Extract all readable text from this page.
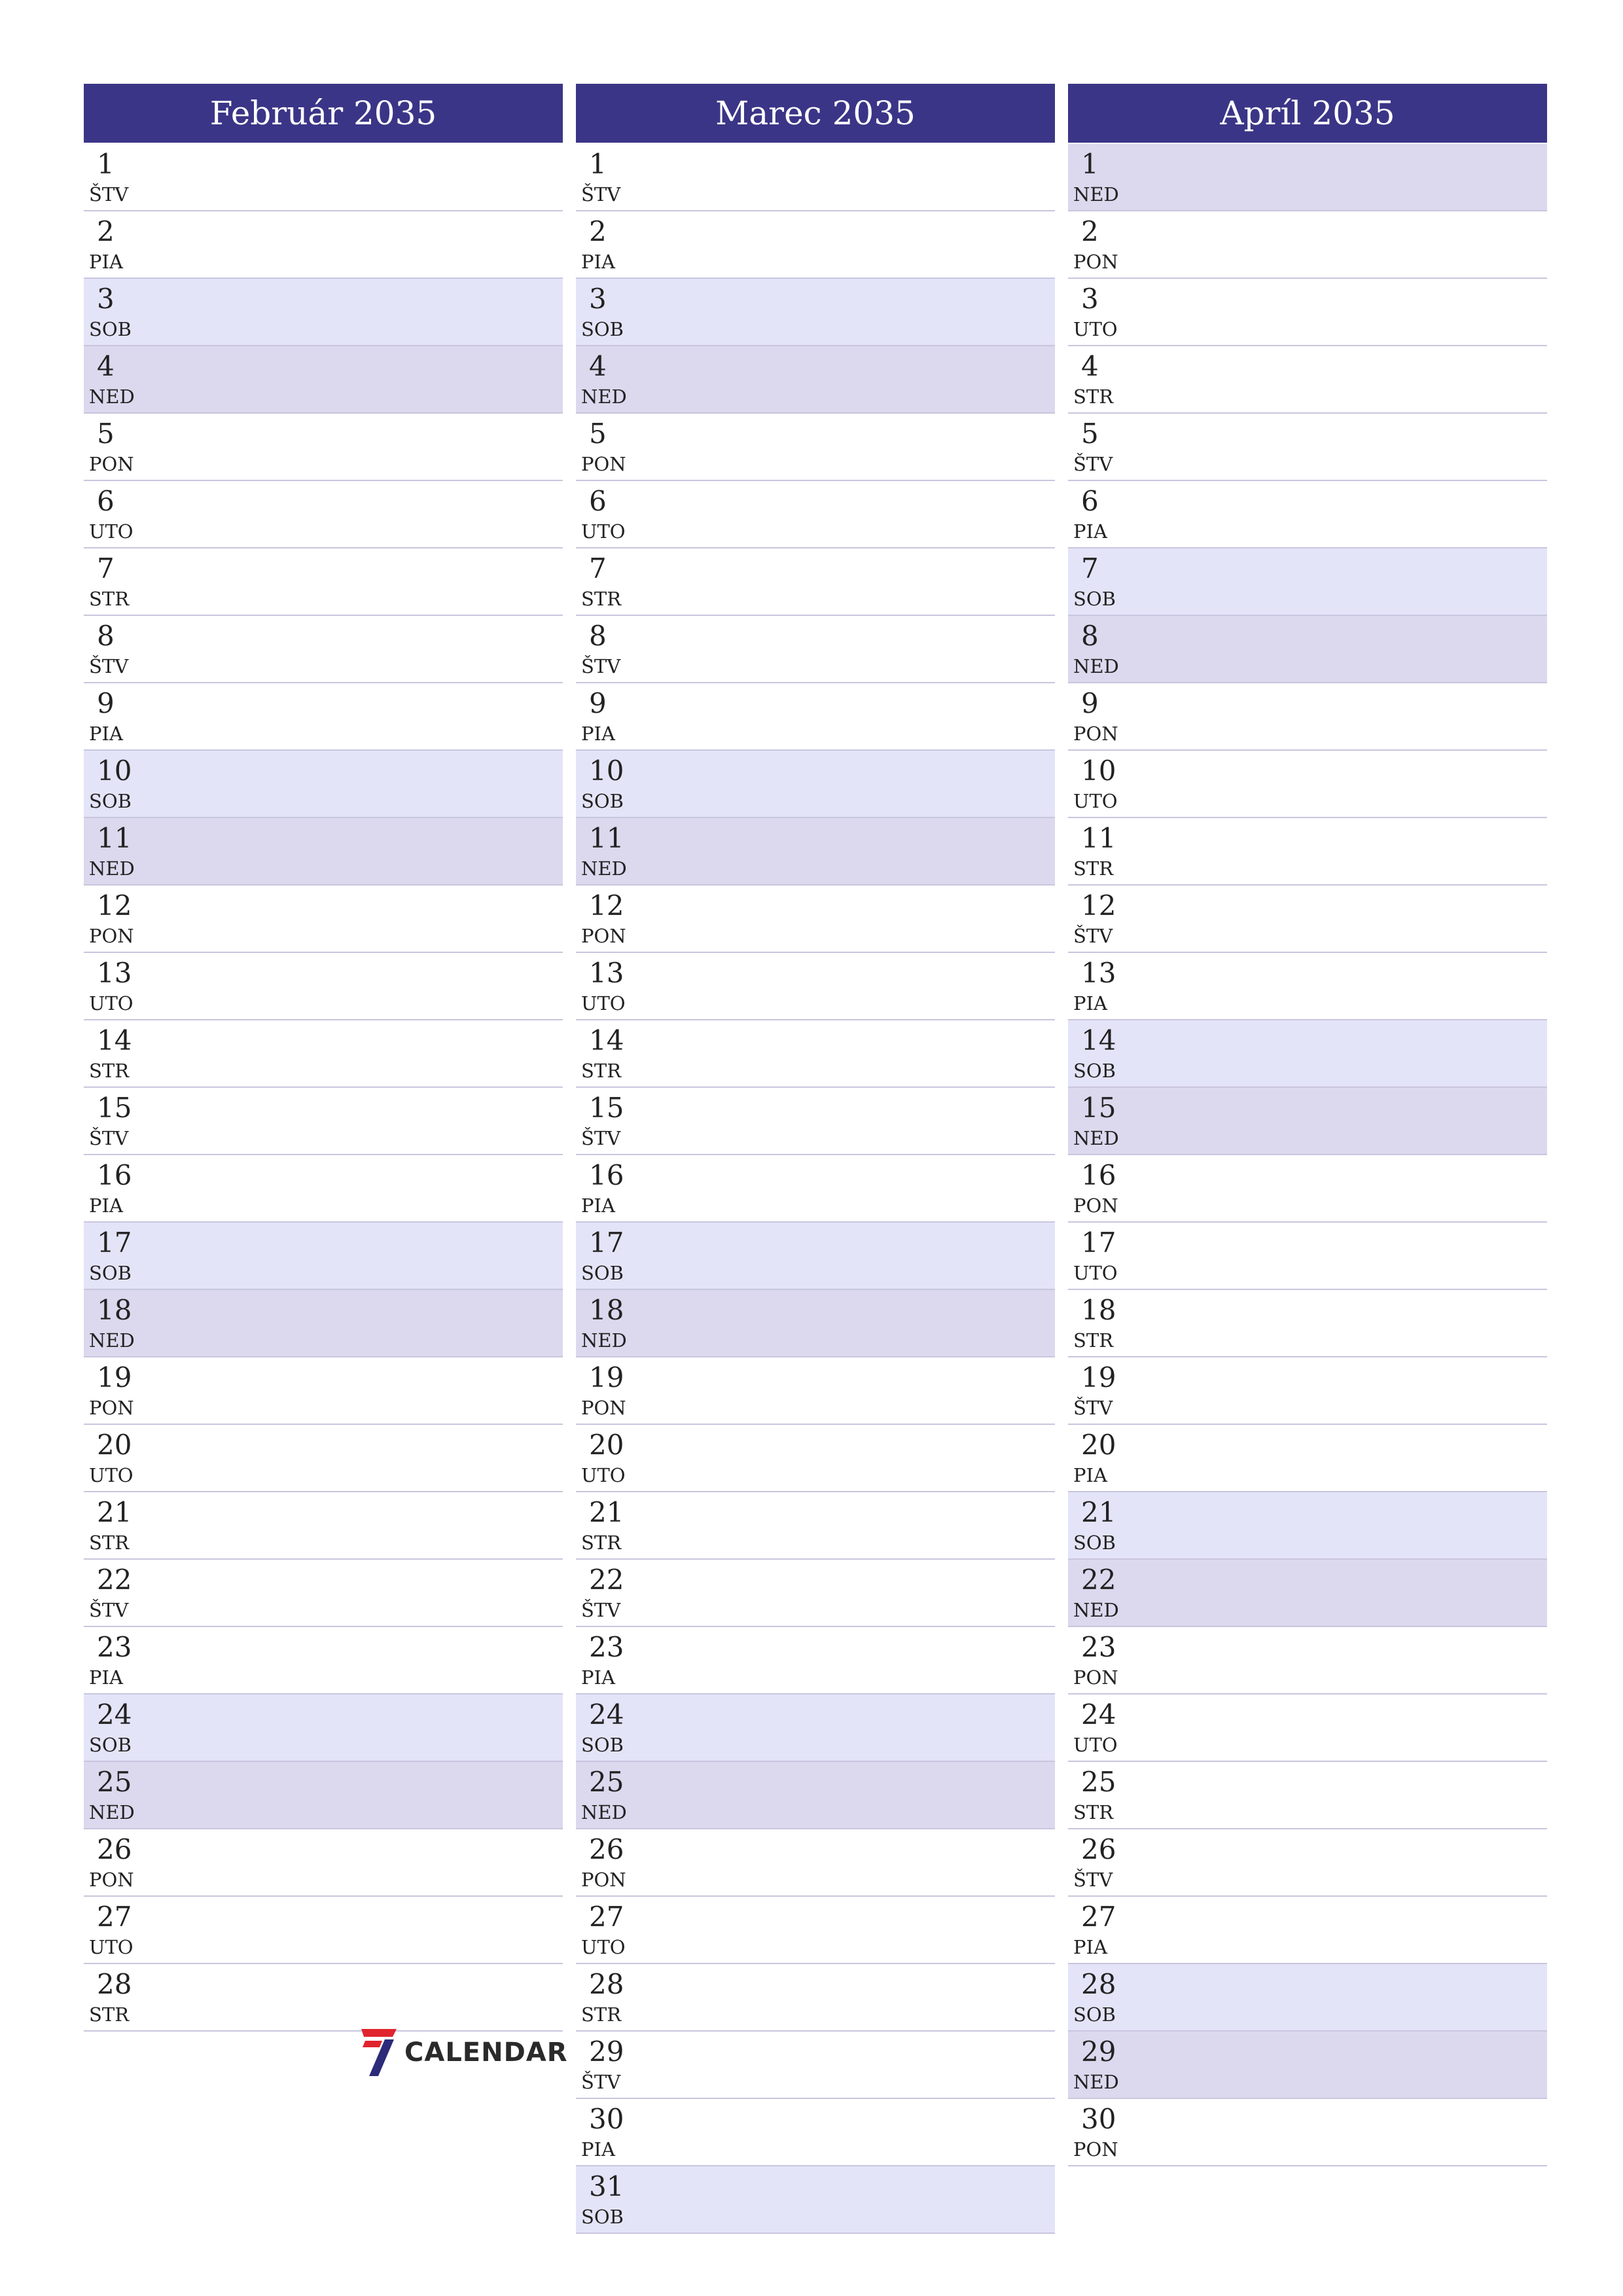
Február 2035
1
ŠTV
2
PIA
3
SOB
4
NED
5
PON
6
UTO
7
STR
8
ŠTV
9
PIA
10
SOB
11
NED
12
PON
13
UTO
14
STR
15
ŠTV
16
PIA
17
SOB
18
NED
19
PON
20
UTO
21
STR
22
ŠTV
23
PIA
24
SOB
25
NED
26
PON
27
UTO
28
STR
Marec 2035
1
ŠTV
2
PIA
3
SOB
4
NED
5
PON
6
UTO
7
STR
8
ŠTV
9
PIA
10
SOB
11
NED
12
PON
13
UTO
14
STR
15
ŠTV
16
PIA
17
SOB
18
NED
19
PON
20
UTO
21
STR
22
ŠTV
23
PIA
24
SOB
25
NED
26
PON
27
UTO
28
STR
29
ŠTV
30
PIA
31
SOB
Apríl 2035
1
NED
2
PON
3
UTO
4
STR
5
ŠTV
6
PIA
7
SOB
8
NED
9
PON
10
UTO
11
STR
12
ŠTV
13
PIA
14
SOB
15
NED
16
PON
17
UTO
18
STR
19
ŠTV
20
PIA
21
SOB
22
NED
23
PON
24
UTO
25
STR
26
ŠTV
27
PIA
28
SOB
29
NED
30
PON
CALENDAR
